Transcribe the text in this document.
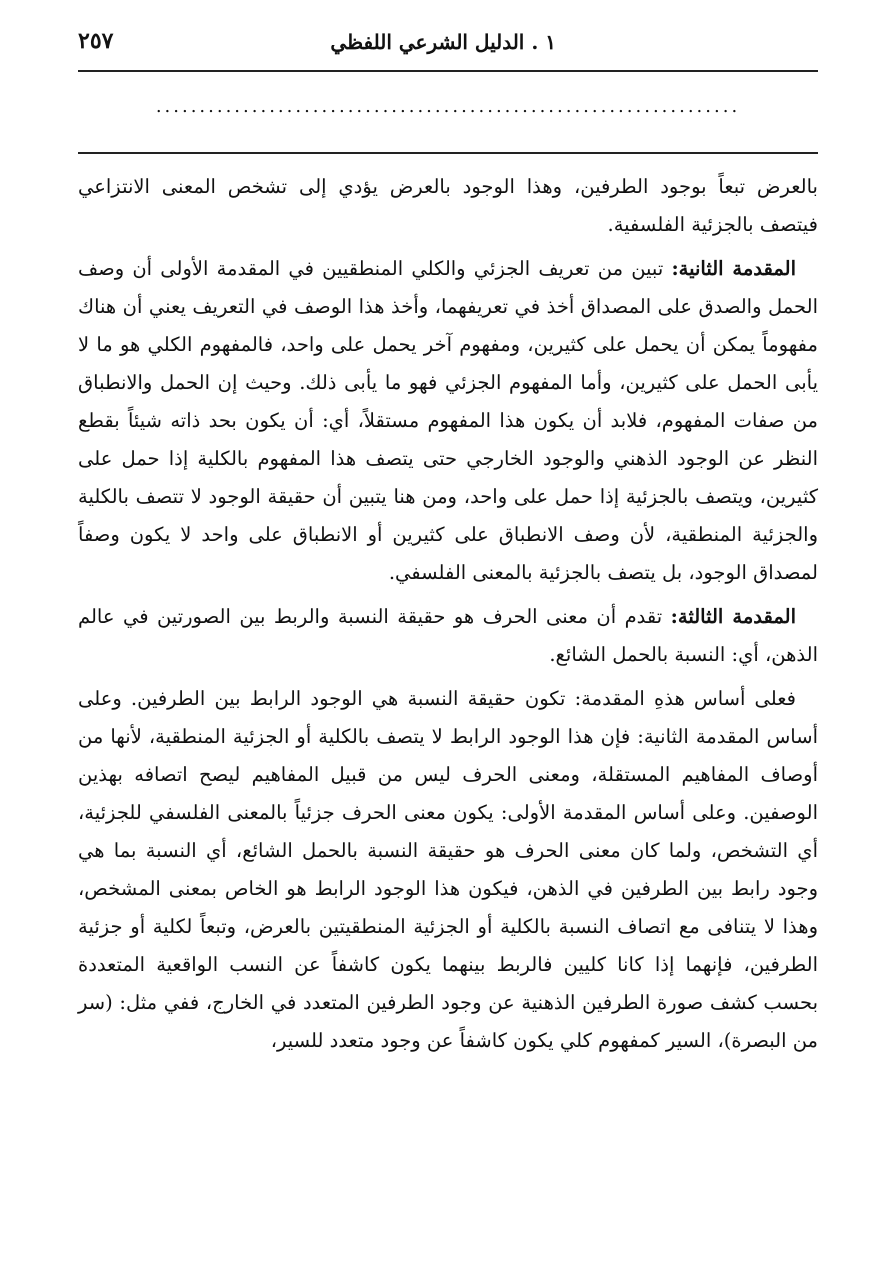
١ . الدليل الشرعي اللفظي
٢٥٧
...................................................................

بالعرض تبعاً بوجود الطرفين، وهذا الوجود بالعرض يؤدي إلى تشخص المعنى الانتزاعي فيتصف بالجزئية الفلسفية.

المقدمة الثانية: تبين من تعريف الجزئي والكلي المنطقيين في المقدمة الأولى أن وصف الحمل والصدق على المصداق أخذ في تعريفهما، وأخذ هذا الوصف في التعريف يعني أن هناك مفهوماً يمكن أن يحمل على كثيرين، ومفهوم آخر يحمل على واحد، فالمفهوم الكلي هو ما لا يأبى الحمل على كثيرين، وأما المفهوم الجزئي فهو ما يأبى ذلك. وحيث إن الحمل والانطباق من صفات المفهوم، فلابد أن يكون هذا المفهوم مستقلاً، أي: أن يكون بحد ذاته شيئاً بقطع النظر عن الوجود الذهني والوجود الخارجي حتى يتصف هذا المفهوم بالكلية إذا حمل على كثيرين، ويتصف بالجزئية إذا حمل على واحد، ومن هنا يتبين أن حقيقة الوجود لا تتصف بالكلية والجزئية المنطقية، لأن وصف الانطباق على كثيرين أو الانطباق على واحد لا يكون وصفاً لمصداق الوجود، بل يتصف بالجزئية بالمعنى الفلسفي.

المقدمة الثالثة: تقدم أن معنى الحرف هو حقيقة النسبة والربط بين الصورتين في عالم الذهن، أي: النسبة بالحمل الشائع.

فعلى أساس هذهِ المقدمة: تكون حقيقة النسبة هي الوجود الرابط بين الطرفين. وعلى أساس المقدمة الثانية: فإن هذا الوجود الرابط لا يتصف بالكلية أو الجزئية المنطقية، لأنها من أوصاف المفاهيم المستقلة، ومعنى الحرف ليس من قبيل المفاهيم ليصح اتصافه بهذين الوصفين. وعلى أساس المقدمة الأولى: يكون معنى الحرف جزئياً بالمعنى الفلسفي للجزئية، أي التشخص، ولما كان معنى الحرف هو حقيقة النسبة بالحمل الشائع، أي النسبة بما هي وجود رابط بين الطرفين في الذهن، فيكون هذا الوجود الرابط هو الخاص بمعنى المشخص، وهذا لا يتنافى مع اتصاف النسبة بالكلية أو الجزئية المنطقيتين بالعرض، وتبعاً لكلية أو جزئية الطرفين، فإنهما إذا كانا كليين فالربط بينهما يكون كاشفاً عن النسب الواقعية المتعددة بحسب كشف صورة الطرفين الذهنية عن وجود الطرفين المتعدد في الخارج، ففي مثل: (سر من البصرة)، السير كمفهوم كلي يكون كاشفاً عن وجود متعدد للسير،
